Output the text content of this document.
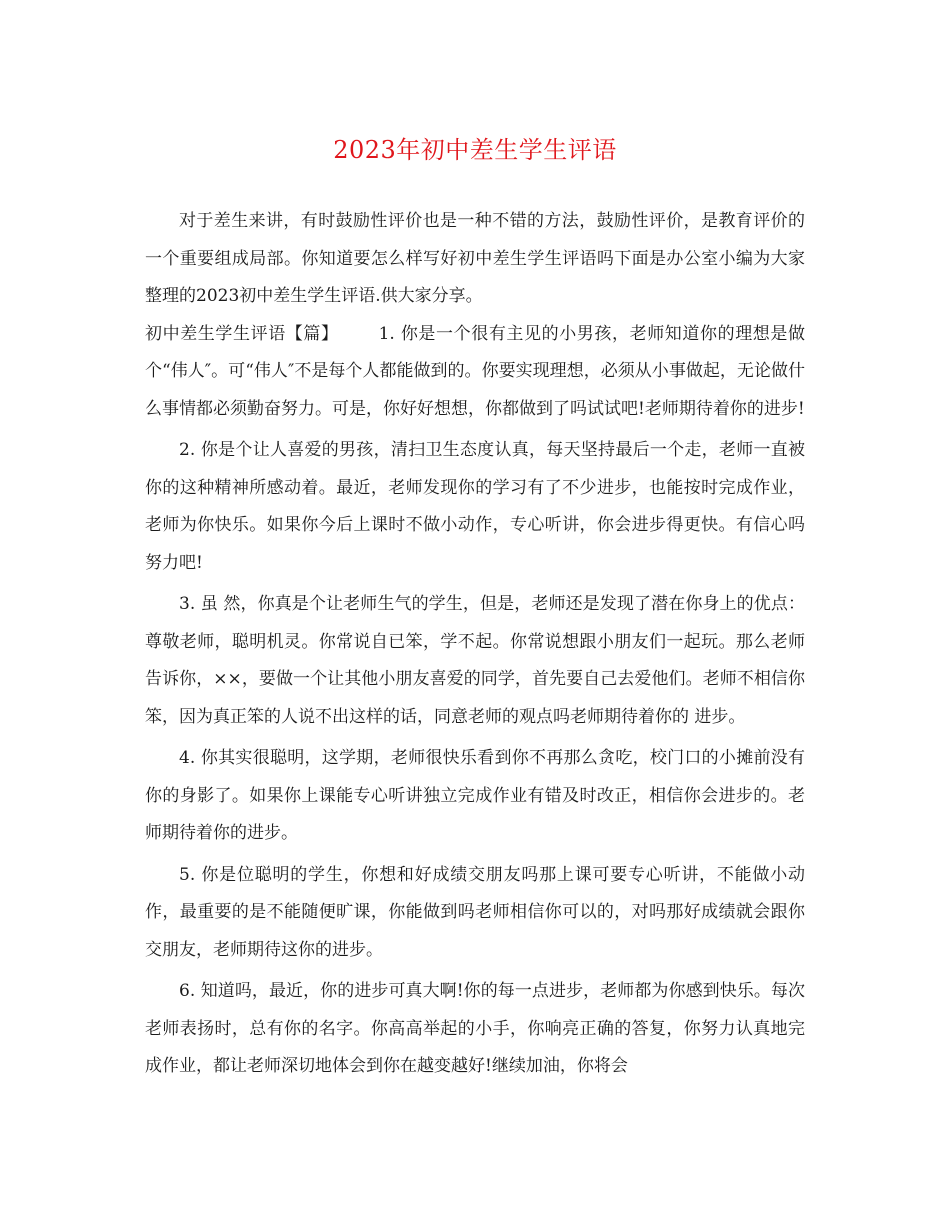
2023年初中差生学生评语

对于差生来讲，有时鼓励性评价也是一种不错的方法，鼓励性评价，是教育评价的一个重要组成局部。你知道要怎么样写好初中差生学生评语吗下面是办公室小编为大家整理的2023初中差生学生评语.供大家分享。

初中差生学生评语【篇】 1. 你是一个很有主见的小男孩，老师知道你的理想是做个“伟人″。可“伟人″不是每个人都能做到的。你要实现理想，必须从小事做起，无论做什么事情都必须勤奋努力。可是，你好好想想，你都做到了吗试试吧!老师期待着你的进步!

2. 你是个让人喜爱的男孩，清扫卫生态度认真，每天坚持最后一个走，老师一直被你的这种精神所感动着。最近，老师发现你的学习有了不少进步，也能按时完成作业，老师为你快乐。如果你今后上课时不做小动作，专心听讲，你会进步得更快。有信心吗努力吧!

3. 虽 然，你真是个让老师生气的学生，但是，老师还是发现了潜在你身上的优点：尊敬老师，聪明机灵。你常说自已笨，学不起。你常说想跟小朋友们一起玩。那么老师 告诉你，××，要做一个让其他小朋友喜爱的同学，首先要自己去爱他们。老师不相信你笨，因为真正笨的人说不出这样的话，同意老师的观点吗老师期待着你的 进步。

4. 你其实很聪明，这学期，老师很快乐看到你不再那么贪吃，校门口的小摊前没有你的身影了。如果你上课能专心听讲独立完成作业有错及时改正，相信你会进步的。老师期待着你的进步。

5. 你是位聪明的学生，你想和好成绩交朋友吗那上课可要专心听讲，不能做小动作，最重要的是不能随便旷课，你能做到吗老师相信你可以的，对吗那好成绩就会跟你交朋友，老师期待这你的进步。

6. 知道吗，最近，你的进步可真大啊!你的每一点进步，老师都为你感到快乐。每次老师表扬时，总有你的名字。你高高举起的小手，你响亮正确的答复，你努力认真地完成作业，都让老师深切地体会到你在越变越好!继续加油，你将会
